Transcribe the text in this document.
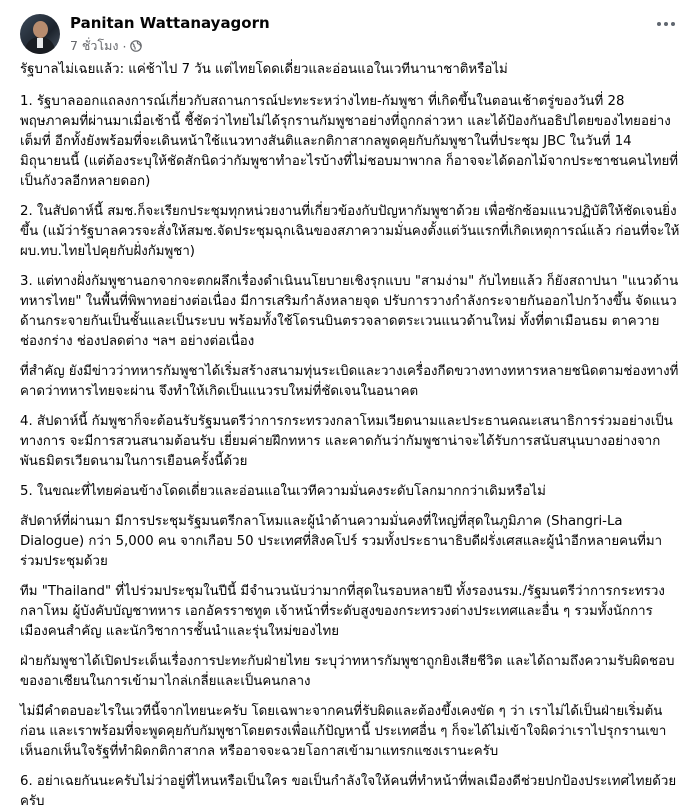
Panitan Wattanayagorn
7 ชั่วโมง ·

รัฐบาลไม่เฉยแล้ว: แค่ช้าไป 7 วัน แต่ไทยโดดเดี่ยวและอ่อนแอในเวทีนานาชาติหรือไม่

1. รัฐบาลออกแถลงการณ์เกี่ยวกับสถานการณ์ปะทะระหว่างไทย-กัมพูชา ที่เกิดขึ้นในตอนเช้าตรู่ของวันที่ 28 พฤษภาคมที่ผ่านมาเมื่อเช้านี้ ชี้ชัดว่าไทยไม่ได้รุกรานกัมพูชาอย่างที่ถูกกล่าวหา และได้ป้องกันอธิปไตยของไทยอย่างเต็มที่ อีกทั้งยังพร้อมที่จะเดินหน้าใช้แนวทางสันติและกติกาสากลพูดคุยกับกัมพูชาในที่ประชุม JBC ในวันที่ 14 มิถุนายนนี้ (แต่ต้องระบุให้ชัดสักนิดว่ากัมพูชาทำอะไรบ้างที่ไม่ชอบมาพากล ก็อาจจะได้ดอกไม้จากประชาชนคนไทยที่เป็นกังวลอีกหลายดอก)

2. ในสัปดาห์นี้ สมช.ก็จะเรียกประชุมทุกหน่วยงานที่เกี่ยวข้องกับปัญหากัมพูชาด้วย เพื่อซักซ้อมแนวปฏิบัติให้ชัดเจนยิ่งขึ้น (แม้ว่ารัฐบาลควรจะสั่งให้สมช.จัดประชุมฉุกเฉินของสภาความมั่นคงตั้งแต่วันแรกที่เกิดเหตุการณ์แล้ว ก่อนที่จะให้ผบ.ทบ.ไทยไปคุยกับฝั่งกัมพูชา)

3. แต่ทางฝั่งกัมพูชานอกจากจะตกผลึกเรื่องดำเนินนโยบายเชิงรุกแบบ "สามง่าม" กับไทยแล้ว ก็ยังสถาปนา "แนวด้านทหารไทย" ในพื้นที่พิพาทอย่างต่อเนื่อง มีการเสริมกำลังหลายจุด ปรับการวางกำลังกระจายกันออกไปกว้างขึ้น จัดแนวด้านกระจายกันเป็นชั้นและเป็นระบบ พร้อมทั้งใช้โดรนบินตรวจลาดตระเวนแนวด้านใหม่ ทั้งที่ตาเมือนธม ตาควาย ช่องกร่าง ช่องปลดต่าง ฯลฯ อย่างต่อเนื่อง

ที่สำคัญ ยังมีข่าวว่าทหารกัมพูชาได้เริ่มสร้างสนามทุ่นระเบิดและวางเครื่องกีดขวางทางทหารหลายชนิดตามช่องทางที่คาดว่าทหารไทยจะผ่าน จึงทำให้เกิดเป็นแนวรบใหม่ที่ชัดเจนในอนาคต

4. สัปดาห์นี้ กัมพูชาก็จะต้อนรับรัฐมนตรีว่าการกระทรวงกลาโหมเวียดนามและประธานคณะเสนาธิการร่วมอย่างเป็นทางการ จะมีการสวนสนามต้อนรับ เยี่ยมค่ายฝึกทหาร และคาดกันว่ากัมพูชาน่าจะได้รับการสนับสนุนบางอย่างจากพันธมิตรเวียดนามในการเยือนครั้งนี้ด้วย

5. ในขณะที่ไทยค่อนข้างโดดเดี่ยวและอ่อนแอในเวทีความมั่นคงระดับโลกมากกว่าเดิมหรือไม่

สัปดาห์ที่ผ่านมา มีการประชุมรัฐมนตรีกลาโหมและผู้นำด้านความมั่นคงที่ใหญ่ที่สุดในภูมิภาค (Shangri-La Dialogue) กว่า 5,000 คน จากเกือบ 50 ประเทศที่สิงคโปร์ รวมทั้งประธานาธิบดีฝรั่งเศสและผู้นำอีกหลายคนที่มาร่วมประชุมด้วย

ทีม "Thailand" ที่ไปร่วมประชุมในปีนี้ มีจำนวนนับว่ามากที่สุดในรอบหลายปี ทั้งรองนรม./รัฐมนตรีว่าการกระทรวงกลาโหม ผู้บังคับบัญชาทหาร เอกอัครราชทูต เจ้าหน้าที่ระดับสูงของกระทรวงต่างประเทศและอื่น ๆ รวมทั้งนักการเมืองคนสำคัญ และนักวิชาการชั้นนำและรุ่นใหม่ของไทย

ฝ่ายกัมพูชาได้เปิดประเด็นเรื่องการปะทะกับฝ่ายไทย ระบุว่าทหารกัมพูชาถูกยิงเสียชีวิต และได้ถามถึงความรับผิดชอบของอาเซียนในการเข้ามาไกล่เกลี่ยและเป็นคนกลาง

ไม่มีคำตอบอะไรในเวทีนี้จากไทยนะครับ โดยเฉพาะจากคนที่รับผิดและต้องขึ้งเคงขัด ๆ ว่า เราไม่ได้เป็นฝ่ายเริ่มต้นก่อน และเราพร้อมที่จะพูดคุยกับกัมพูชาโดยตรงเพื่อแก้ปัญหานี้ ประเทศอื่น ๆ ก็จะได้ไม่เข้าใจผิดว่าเราไปรุกรานเขา เห็นอกเห็นใจรัฐที่ทำผิดกติกาสากล หรืออาจจะฉวยโอกาสเข้ามาแทรกแซงเรานะครับ

6. อย่าเฉยกันนะครับไม่ว่าอยู่ที่ไหนหรือเป็นใคร ขอเป็นกำลังใจให้คนที่ทำหน้าที่พลเมืองดีช่วยปกป้องประเทศไทยด้วยครับ
